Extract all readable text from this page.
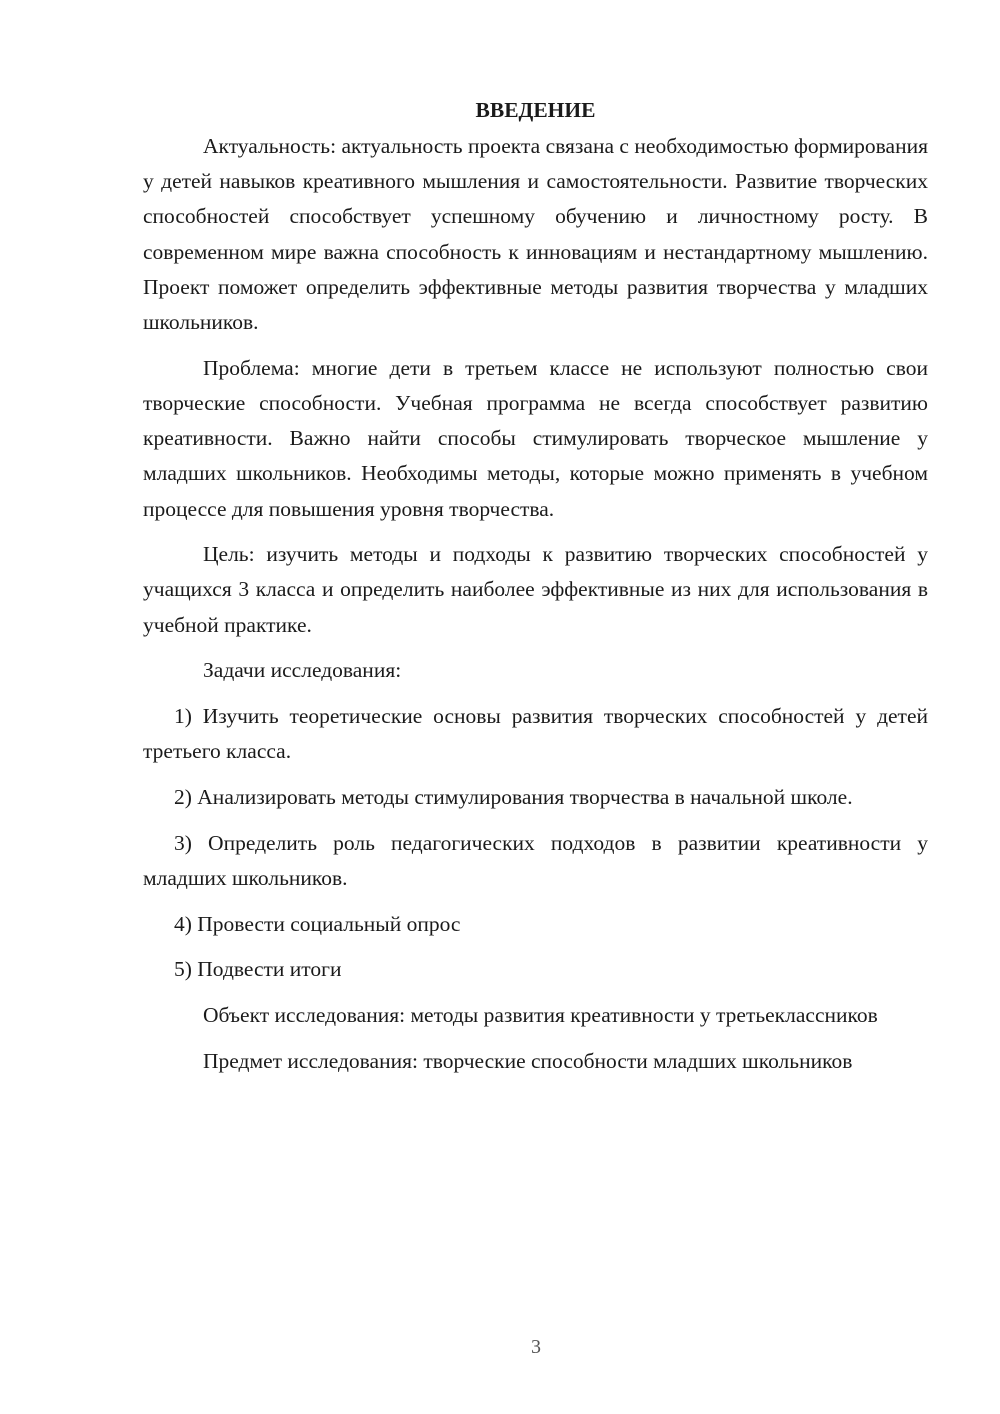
ВВЕДЕНИЕ

Актуальность: актуальность проекта связана с необходимостью формирования у детей навыков креативного мышления и самостоятельности. Развитие творческих способностей способствует успешному обучению и личностному росту. В современном мире важна способность к инновациям и нестандартному мышлению. Проект поможет определить эффективные методы развития творчества у младших школьников.

Проблема: многие дети в третьем классе не используют полностью свои творческие способности. Учебная программа не всегда способствует развитию креативности. Важно найти способы стимулировать творческое мышление у младших школьников. Необходимы методы, которые можно применять в учебном процессе для повышения уровня творчества.

Цель: изучить методы и подходы к развитию творческих способностей у учащихся 3 класса и определить наиболее эффективные из них для использования в учебной практике.

Задачи исследования:

1) Изучить теоретические основы развития творческих способностей у детей третьего класса.

2) Анализировать методы стимулирования творчества в начальной школе.

3) Определить роль педагогических подходов в развитии креативности у младших школьников.

4) Провести социальный опрос

5) Подвести итоги

Объект исследования: методы развития креативности у третьеклассников

Предмет исследования: творческие способности младших школьников

3
